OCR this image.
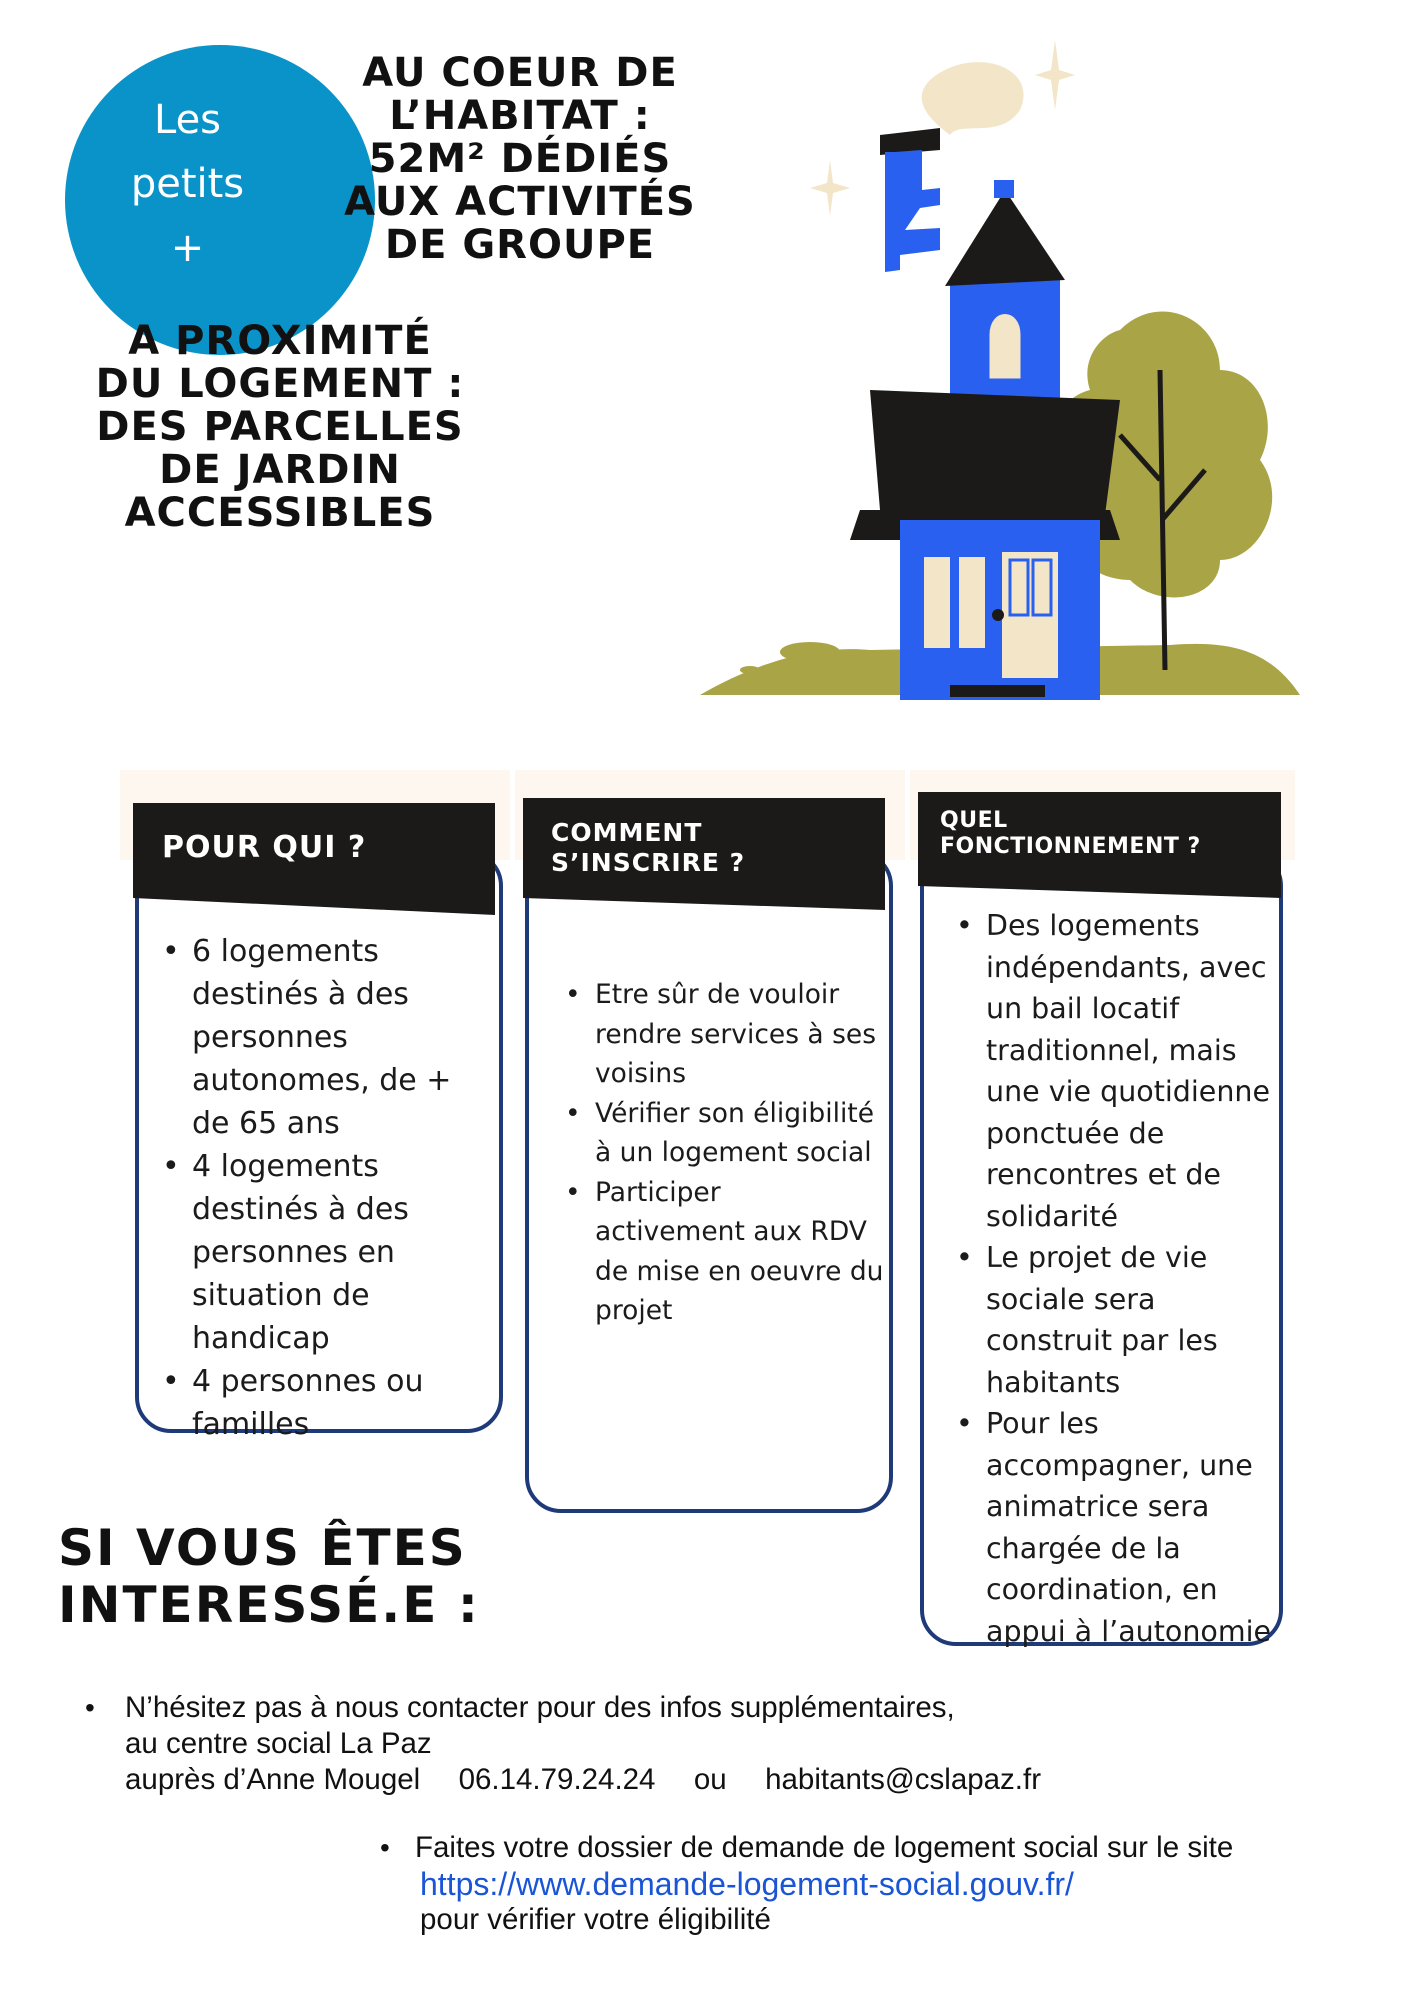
Les
petits
+
AU COEUR DE
L’HABITAT :
52M² DÉDIÉS
AUX ACTIVITÉS
DE GROUPE
A PROXIMITÉ
DU LOGEMENT :
DES PARCELLES
DE JARDIN
ACCESSIBLES
POUR QUI ?
• 6 logements
destinés à des
personnes
autonomes, de +
de 65 ans
• 4 logements
destinés à des
personnes en
situation de
handicap
• 4 personnes ou
familles
COMMENT
S’INSCRIRE ?
• Etre sûr de vouloir
rendre services à ses
voisins
• Vérifier son éligibilité
à un logement social
• Participer
activement aux RDV
de mise en oeuvre du
projet
QUEL
FONCTIONNEMENT ?
• Des logements
indépendants, avec
un bail locatif
traditionnel, mais
une vie quotidienne
ponctuée de
rencontres et de
solidarité
• Le projet de vie
sociale sera
construit par les
habitants
• Pour les
accompagner, une
animatrice sera
chargée de la
coordination, en
appui à l’autonomie
SI VOUS ÊTES
INTERESSÉ.E :
• N’hésitez pas à nous contacter pour des infos supplémentaires,
au centre social La Paz
auprès d’Anne Mougel 06.14.79.24.24 ou habitants@cslapaz.fr
• Faites votre dossier de demande de logement social sur le site
https://www.demande-logement-social.gouv.fr/
pour vérifier votre éligibilité
